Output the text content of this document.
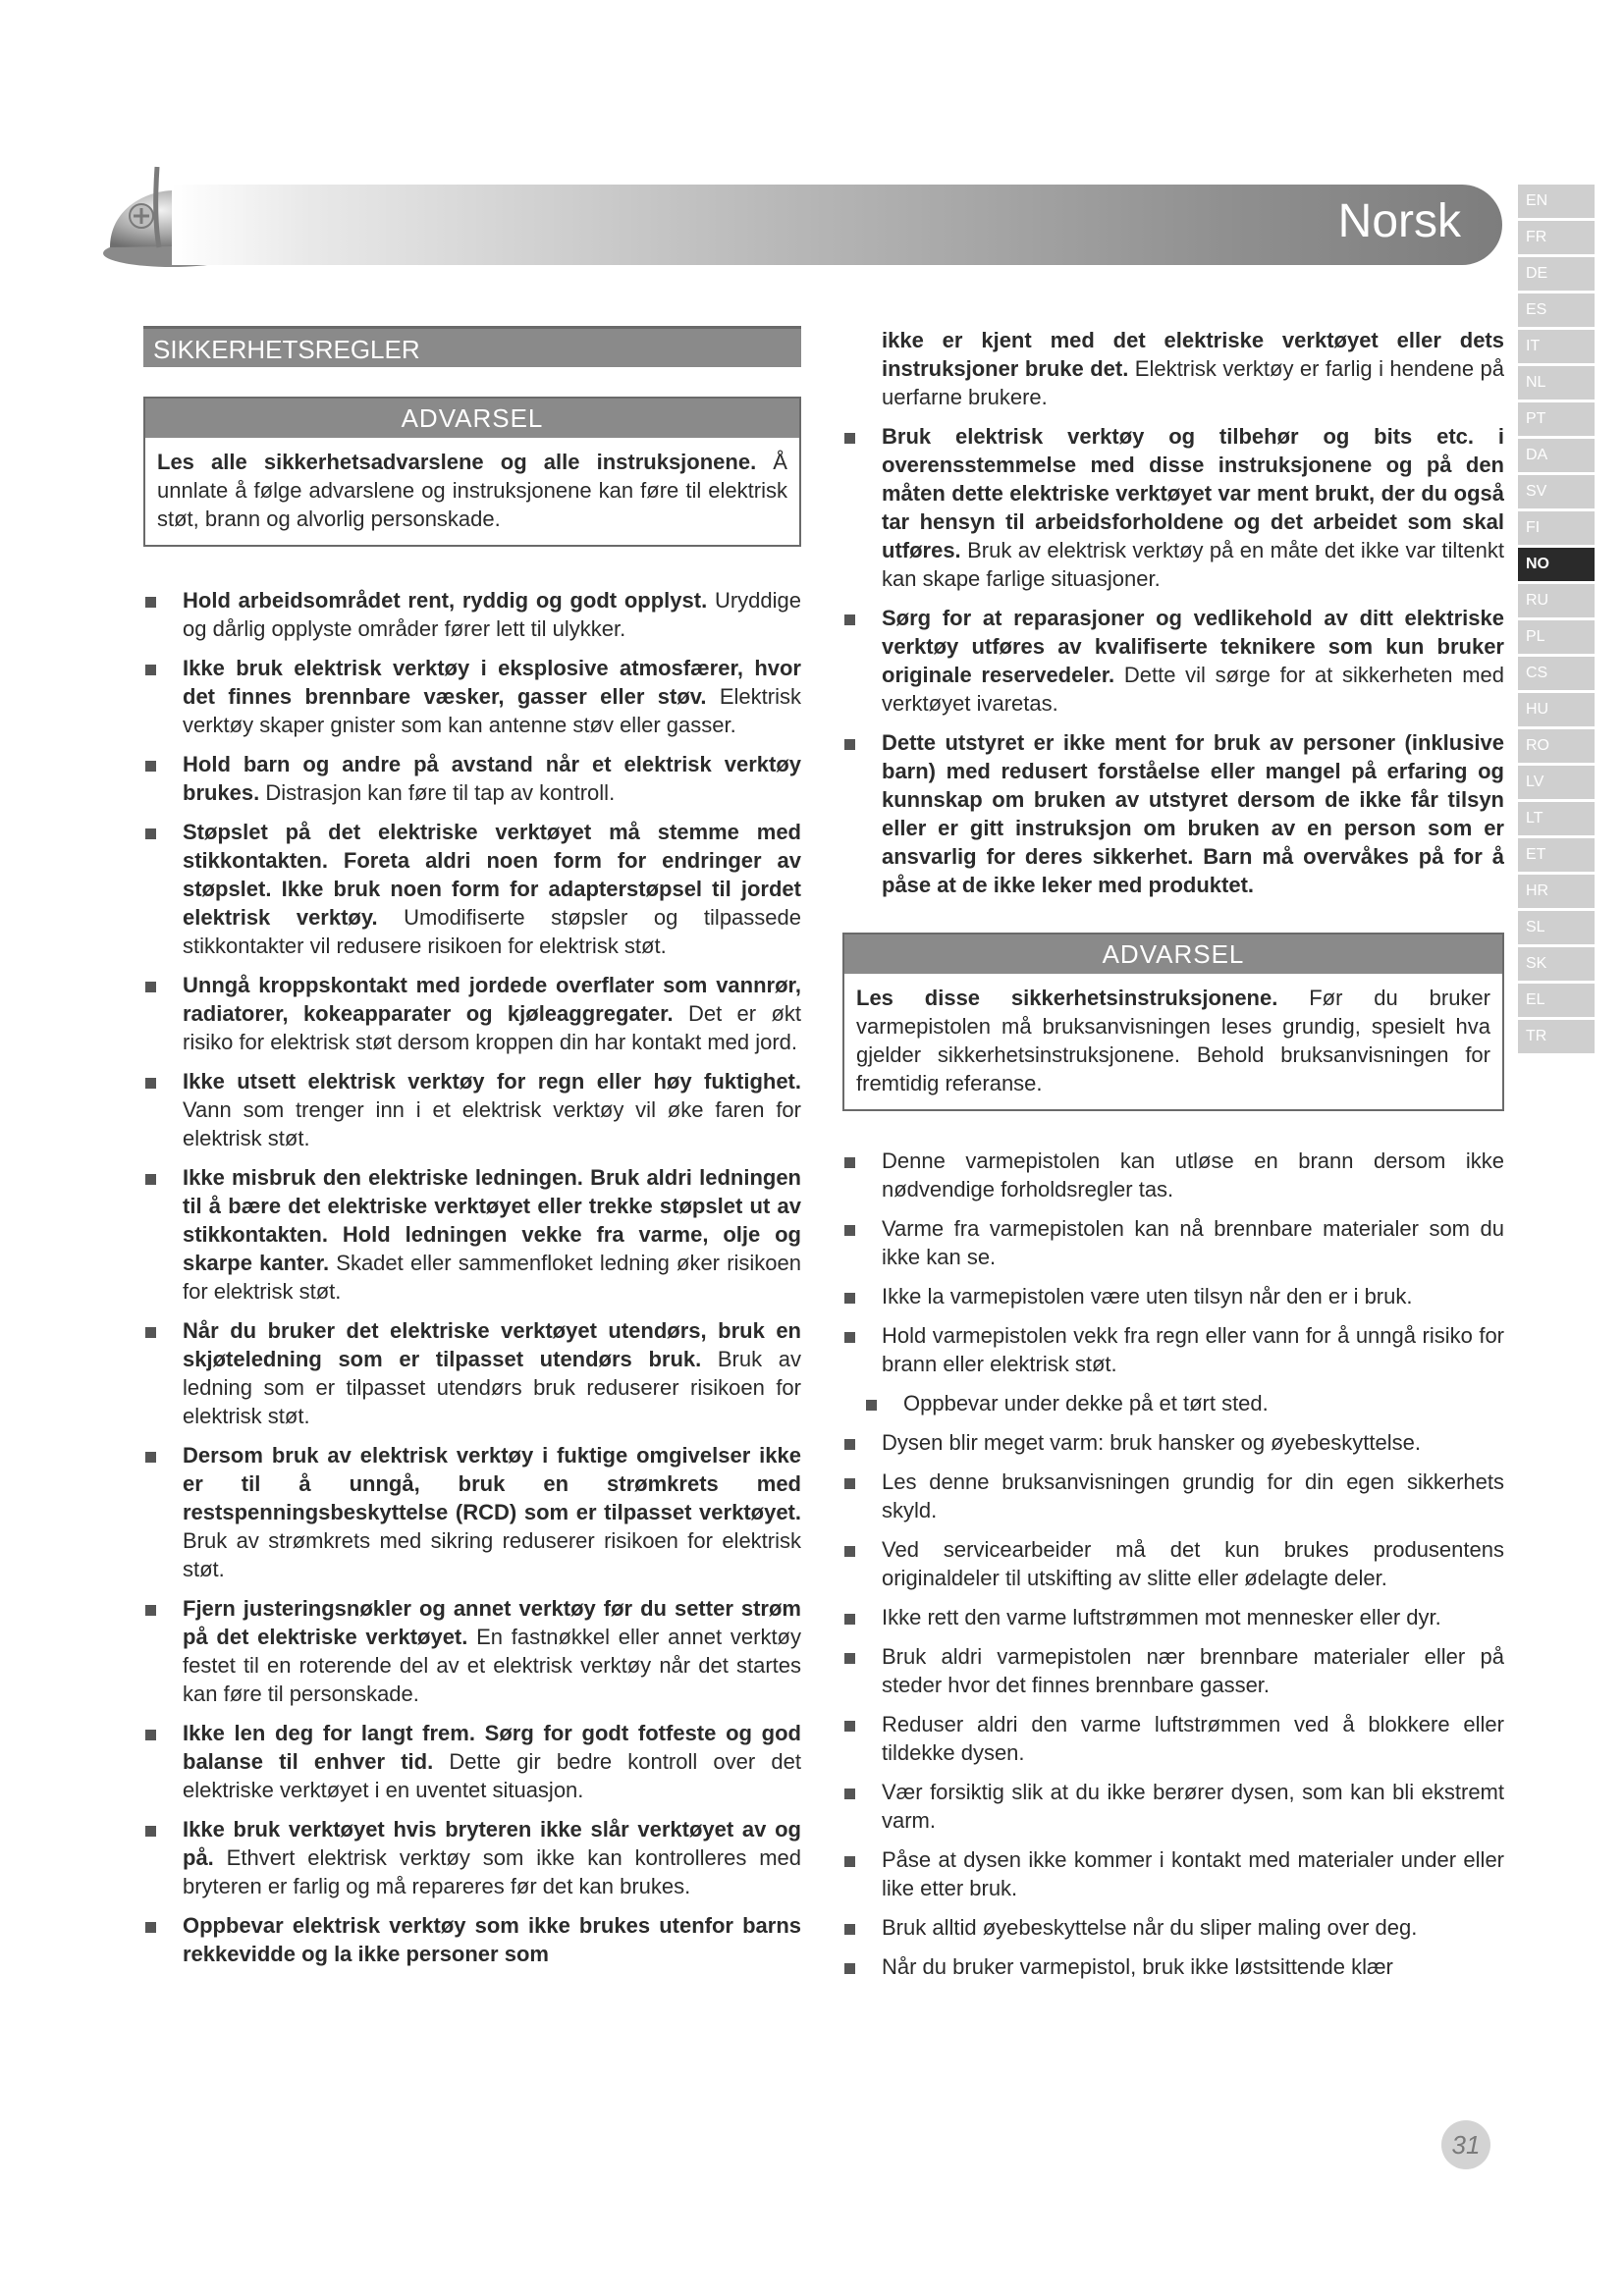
Norsk	EN
FR
DE
ES
IT
NL
PT
DA
SV
FI
NO
RU
PL
CS
HU
RO
LV
LT
ET
HR
SL
SK
EL
TR
SIKKERHETSREGLER
ADVARSEL
Les alle sikkerhetsadvarslene og alle instruksjonene. Å unnlate å følge advarslene og instruksjonene kan føre til elektrisk støt, brann og alvorlig personskade.
Hold arbeidsområdet rent, ryddig og godt opplyst. Uryddige og dårlig opplyste områder fører lett til ulykker.
Ikke bruk elektrisk verktøy i eksplosive atmosfærer, hvor det finnes brennbare væsker, gasser eller støv. Elektrisk verktøy skaper gnister som kan antenne støv eller gasser.
Hold barn og andre på avstand når et elektrisk verktøy brukes. Distrasjon kan føre til tap av kontroll.
Støpslet på det elektriske verktøyet må stemme med stikkontakten. Foreta aldri noen form for endringer av støpslet. Ikke bruk noen form for adapterstøpsel til jordet elektrisk verktøy. Umodifiserte støpsler og tilpassede stikkontakter vil redusere risikoen for elektrisk støt.
Unngå kroppskontakt med jordede overflater som vannrør, radiatorer, kokeapparater og kjøleaggregater. Det er økt risiko for elektrisk støt dersom kroppen din har kontakt med jord.
Ikke utsett elektrisk verktøy for regn eller høy fuktighet. Vann som trenger inn i et elektrisk verktøy vil øke faren for elektrisk støt.
Ikke misbruk den elektriske ledningen. Bruk aldri ledningen til å bære det elektriske verktøyet eller trekke støpslet ut av stikkontakten. Hold ledningen vekke fra varme, olje og skarpe kanter. Skadet eller sammenfloket ledning øker risikoen for elektrisk støt.
Når du bruker det elektriske verktøyet utendørs, bruk en skjøteledning som er tilpasset utendørs bruk. Bruk av ledning som er tilpasset utendørs bruk reduserer risikoen for elektrisk støt.
Dersom bruk av elektrisk verktøy i fuktige omgivelser ikke er til å unngå, bruk en strømkrets med restspenningsbeskyttelse (RCD) som er tilpasset verktøyet. Bruk av strømkrets med sikring reduserer risikoen for elektrisk støt.
Fjern justeringsnøkler og annet verktøy før du setter strøm på det elektriske verktøyet. En fastnøkkel eller annet verktøy festet til en roterende del av et elektrisk verktøy når det startes kan føre til personskade.
Ikke len deg for langt frem. Sørg for godt fotfeste og god balanse til enhver tid. Dette gir bedre kontroll over det elektriske verktøyet i en uventet situasjon.
Ikke bruk verktøyet hvis bryteren ikke slår verktøyet av og på. Ethvert elektrisk verktøy som ikke kan kontrolleres med bryteren er farlig og må repareres før det kan brukes.
Oppbevar elektrisk verktøy som ikke brukes utenfor barns rekkevidde og la ikke personer som
ikke er kjent med det elektriske verktøyet eller dets instruksjoner bruke det. Elektrisk verktøy er farlig i hendene på uerfarne brukere.
Bruk elektrisk verktøy og tilbehør og bits etc. i overensstemmelse med disse instruksjonene og på den måten dette elektriske verktøyet var ment brukt, der du også tar hensyn til arbeidsforholdene og det arbeidet som skal utføres. Bruk av elektrisk verktøy på en måte det ikke var tiltenkt kan skape farlige situasjoner.
Sørg for at reparasjoner og vedlikehold av ditt elektriske verktøy utføres av kvalifiserte teknikere som kun bruker originale reservedeler. Dette vil sørge for at sikkerheten med verktøyet ivaretas.
Dette utstyret er ikke ment for bruk av personer (inklusive barn) med redusert forståelse eller mangel på erfaring og kunnskap om bruken av utstyret dersom de ikke får tilsyn eller er gitt instruksjon om bruken av en person som er ansvarlig for deres sikkerhet. Barn må overvåkes på for å påse at de ikke leker med produktet.
ADVARSEL
Les disse sikkerhetsinstruksjonene. Før du bruker varmepistolen må bruksanvisningen leses grundig, spesielt hva gjelder sikkerhetsinstruksjonene. Behold bruksanvisningen for fremtidig referanse.
Denne varmepistolen kan utløse en brann dersom ikke nødvendige forholdsregler tas.
Varme fra varmepistolen kan nå brennbare materialer som du ikke kan se.
Ikke la varmepistolen være uten tilsyn når den er i bruk.
Hold varmepistolen vekk fra regn eller vann for å unngå risiko for brann eller elektrisk støt.
Oppbevar under dekke på et tørt sted.
Dysen blir meget varm: bruk hansker og øyebeskyttelse.
Les denne bruksanvisningen grundig for din egen sikkerhets skyld.
Ved servicearbeider må det kun brukes produsentens originaldeler til utskifting av slitte eller ødelagte deler.
Ikke rett den varme luftstrømmen mot mennesker eller dyr.
Bruk aldri varmepistolen nær brennbare materialer eller på steder hvor det finnes brennbare gasser.
Reduser aldri den varme luftstrømmen ved å blokkere eller tildekke dysen.
Vær forsiktig slik at du ikke berører dysen, som kan bli ekstremt varm.
Påse at dysen ikke kommer i kontakt med materialer under eller like etter bruk.
Bruk alltid øyebeskyttelse når du sliper maling over deg.
Når du bruker varmepistol, bruk ikke løstsittende klær
31
